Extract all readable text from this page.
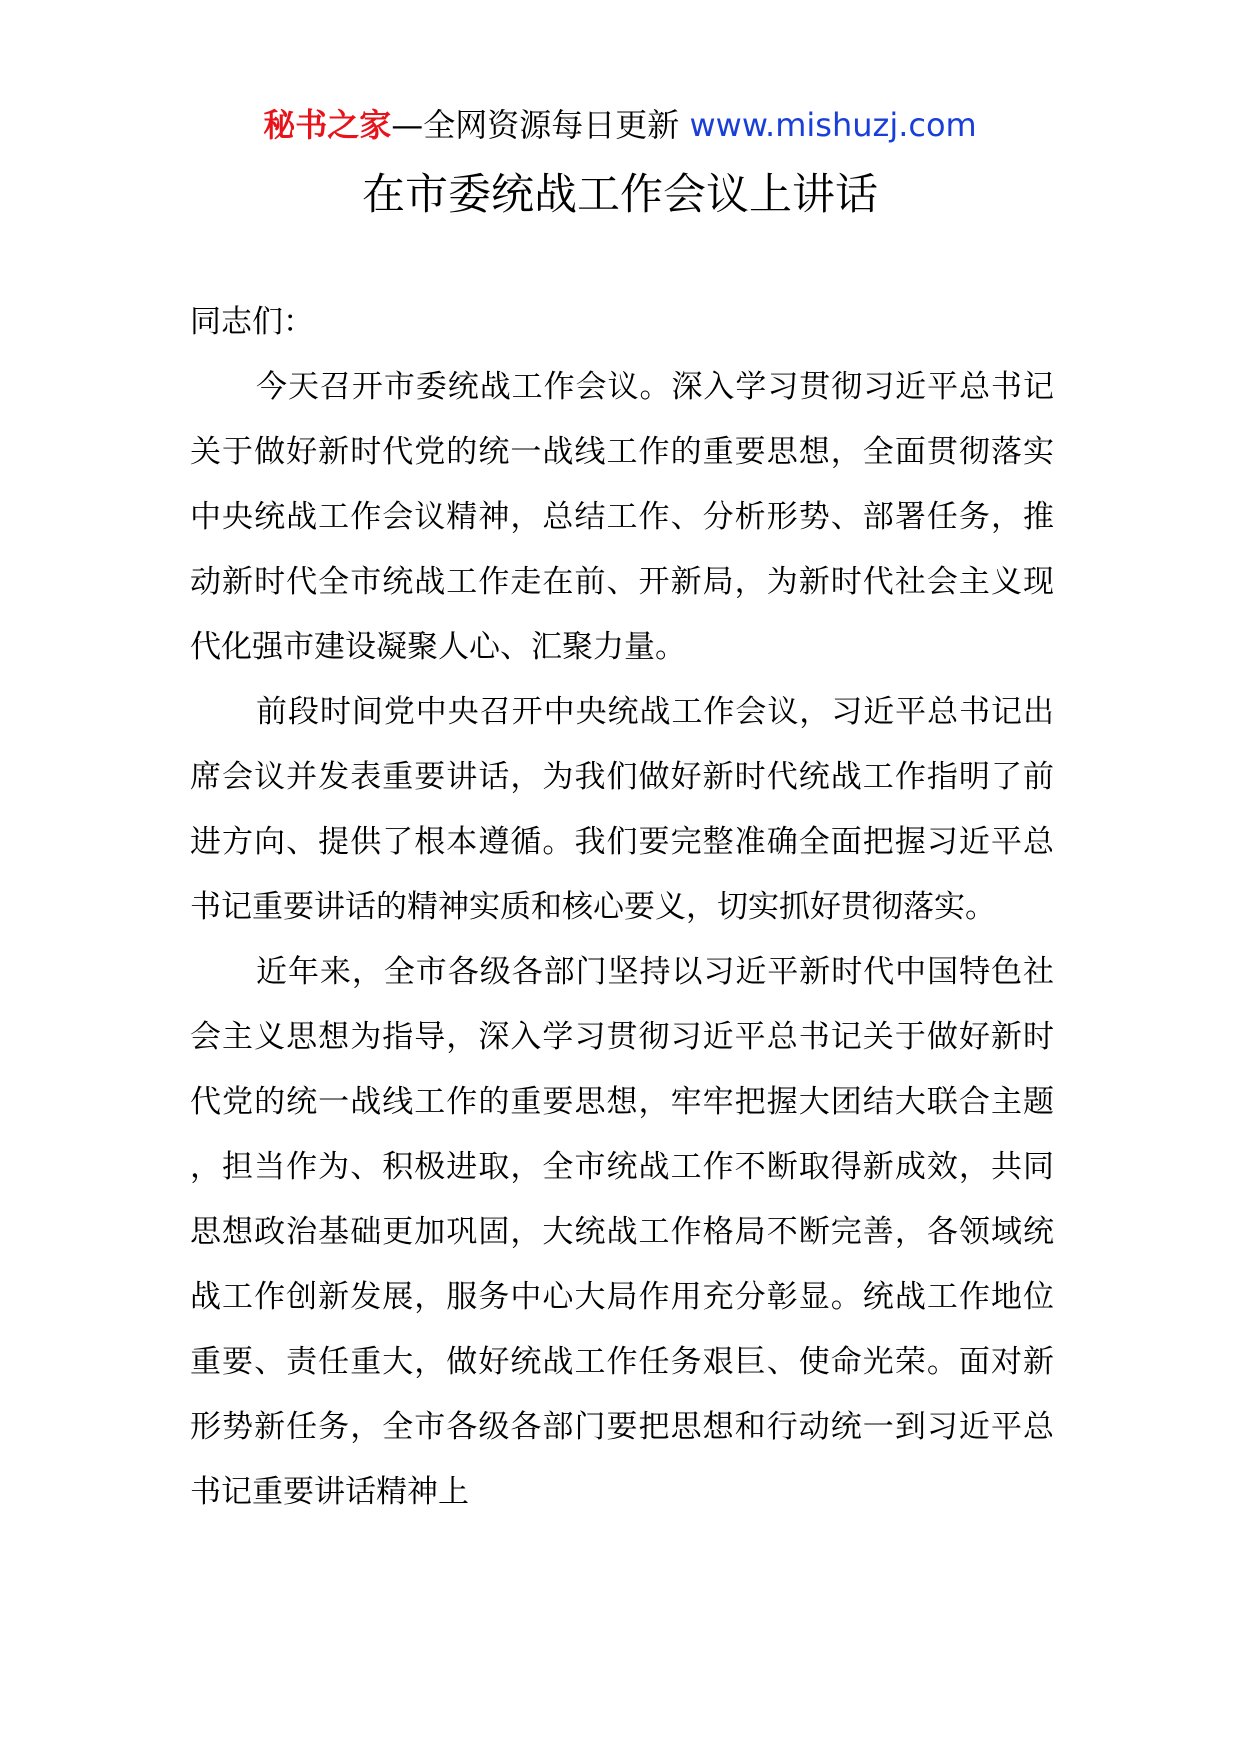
秘书之家—全网资源每日更新 www.mishuzj.com
在市委统战工作会议上讲话

同志们：

今天召开市委统战工作会议。深入学习贯彻习近平总书记关于做好新时代党的统一战线工作的重要思想，全面贯彻落实中央统战工作会议精神，总结工作、分析形势、部署任务，推动新时代全市统战工作走在前、开新局，为新时代社会主义现代化强市建设凝聚人心、汇聚力量。

前段时间党中央召开中央统战工作会议，习近平总书记出席会议并发表重要讲话，为我们做好新时代统战工作指明了前进方向、提供了根本遵循。我们要完整准确全面把握习近平总书记重要讲话的精神实质和核心要义，切实抓好贯彻落实。

近年来，全市各级各部门坚持以习近平新时代中国特色社会主义思想为指导，深入学习贯彻习近平总书记关于做好新时代党的统一战线工作的重要思想，牢牢把握大团结大联合主题，担当作为、积极进取，全市统战工作不断取得新成效，共同思想政治基础更加巩固，大统战工作格局不断完善，各领域统战工作创新发展，服务中心大局作用充分彰显。统战工作地位重要、责任重大，做好统战工作任务艰巨、使命光荣。面对新形势新任务，全市各级各部门要把思想和行动统一到习近平总书记重要讲话精神上
